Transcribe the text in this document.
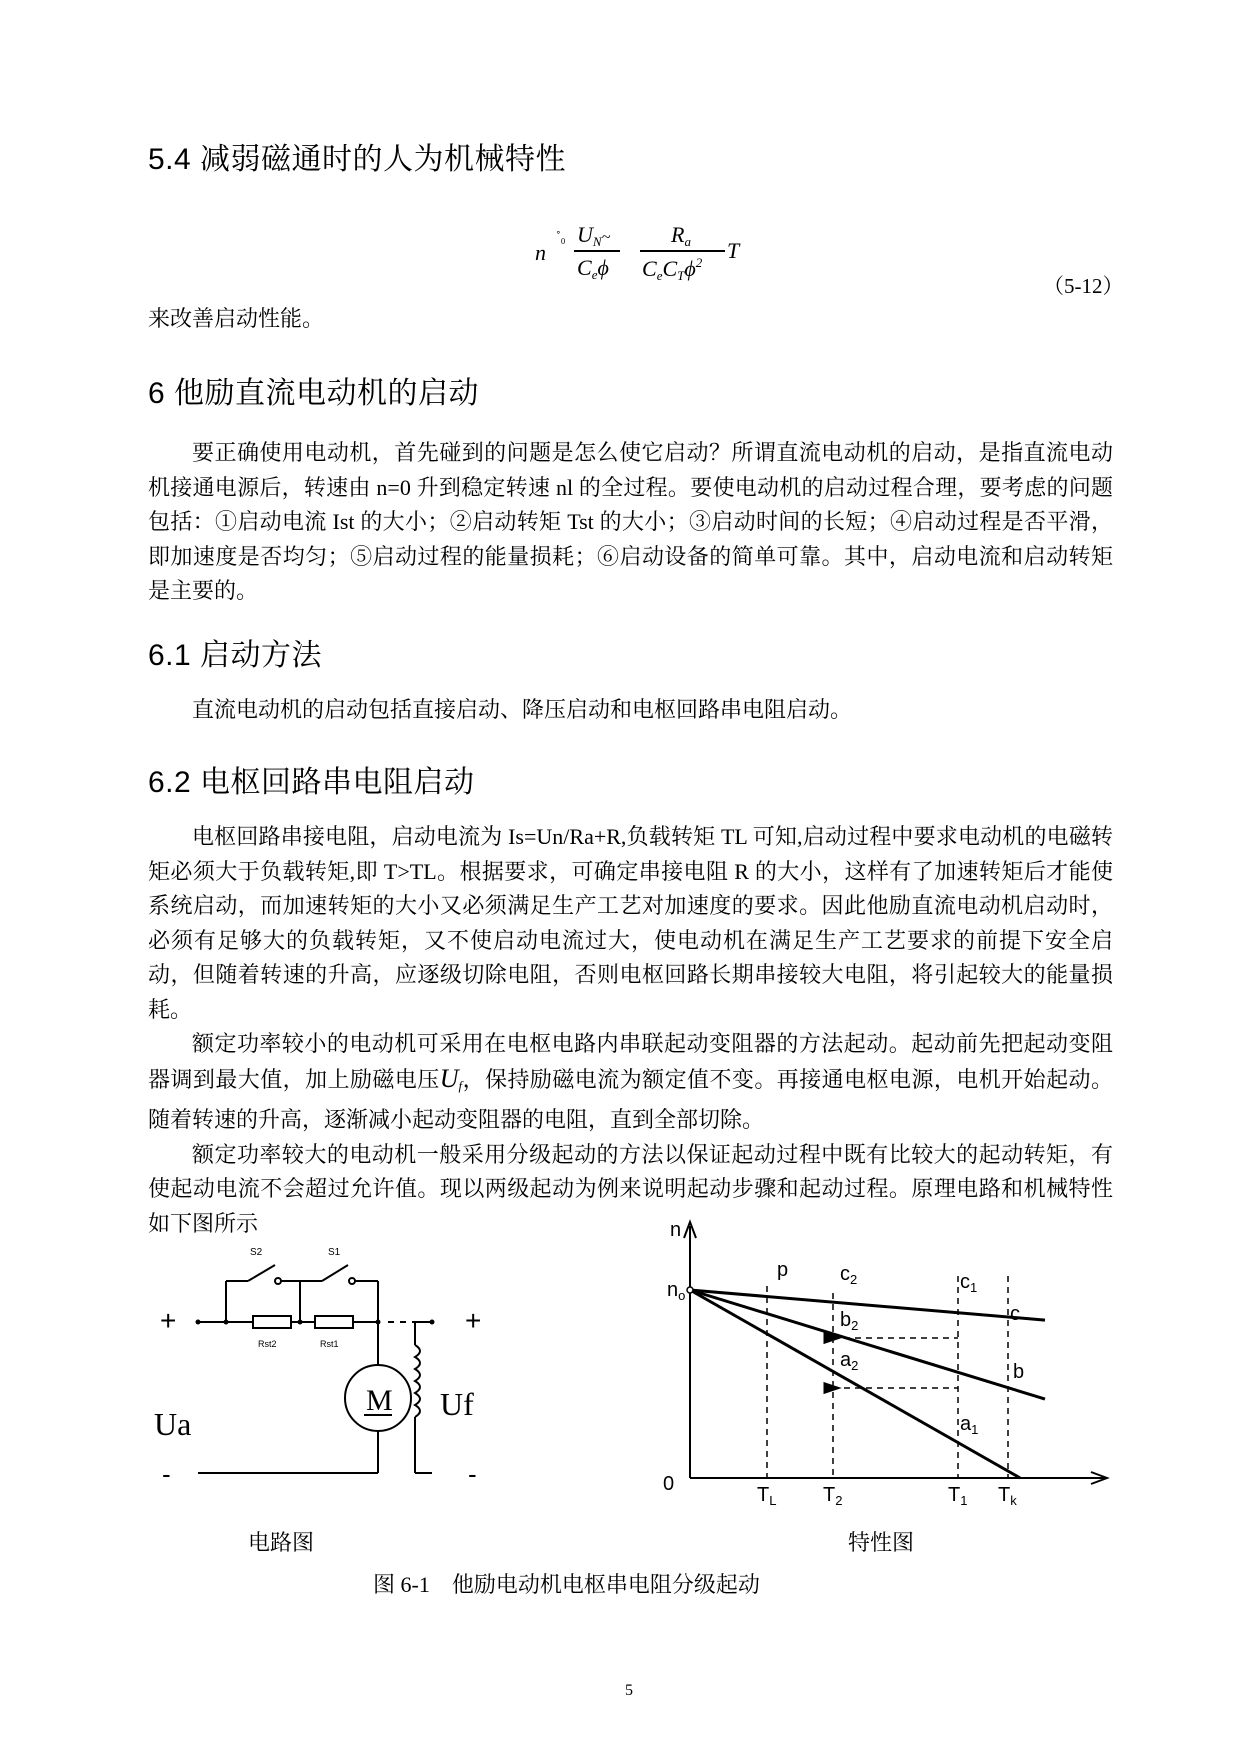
5.4 减弱磁通时的人为机械特性
n
˚₀ $U_N\sim$
$C_e\phi$
$R_a$
$C_eC_T\phi^2$ T
（5-12）
来改善启动性能。
6 他励直流电动机的启动

要正确使用电动机，首先碰到的问题是怎么使它启动？所谓直流电动机的启动，是指直流电动机接通电源后，转速由 n=0 升到稳定转速 nl 的全过程。要使电动机的启动过程合理，要考虑的问题包括：①启动电流 Ist 的大小；②启动转矩 Tst 的大小；③启动时间的长短；④启动过程是否平滑，即加速度是否均匀；⑤启动过程的能量损耗；⑥启动设备的简单可靠。其中，启动电流和启动转矩是主要的。

6.1 启动方法

直流电动机的启动包括直接启动、降压启动和电枢回路串电阻启动。

6.2 电枢回路串电阻启动

电枢回路串接电阻，启动电流为 Is=Un/Ra+R,负载转矩 TL 可知,启动过程中要求电动机的电磁转矩必须大于负载转矩,即 T>TL。根据要求，可确定串接电阻 R 的大小，这样有了加速转矩后才能使系统启动，而加速转矩的大小又必须满足生产工艺对加速度的要求。因此他励直流电动机启动时，必须有足够大的负载转矩，又不使启动电流过大，使电动机在满足生产工艺要求的前提下安全启动，但随着转速的升高，应逐级切除电阻，否则电枢回路长期串接较大电阻，将引起较大的能量损耗。

额定功率较小的电动机可采用在电枢电路内串联起动变阻器的方法起动。起动前先把起动变阻器调到最大值，加上励磁电压Uf，保持励磁电流为额定值不变。再接通电枢电源，电机开始起动。随着转速的升高，逐渐减小起动变阻器的电阻，直到全部切除。

额定功率较大的电动机一般采用分级起动的方法以保证起动过程中既有比较大的起动转矩，有使起动电流不会超过允许值。现以两级起动为例来说明起动步骤和起动过程。原理电路和机械特性如下图所示

+
-
+
-
S2	S1
Rst2	Rst1
M
Ua
Uf
电路图
n
0
$n_o$
$T_L$ $T_2$	$T_1$ $T_k$
p	$c_2$	$c_1$
$b_2$
b
$a_2$
$a_1$
c
特性图
图 6-1　他励电动机电枢串电阻分级起动
5
